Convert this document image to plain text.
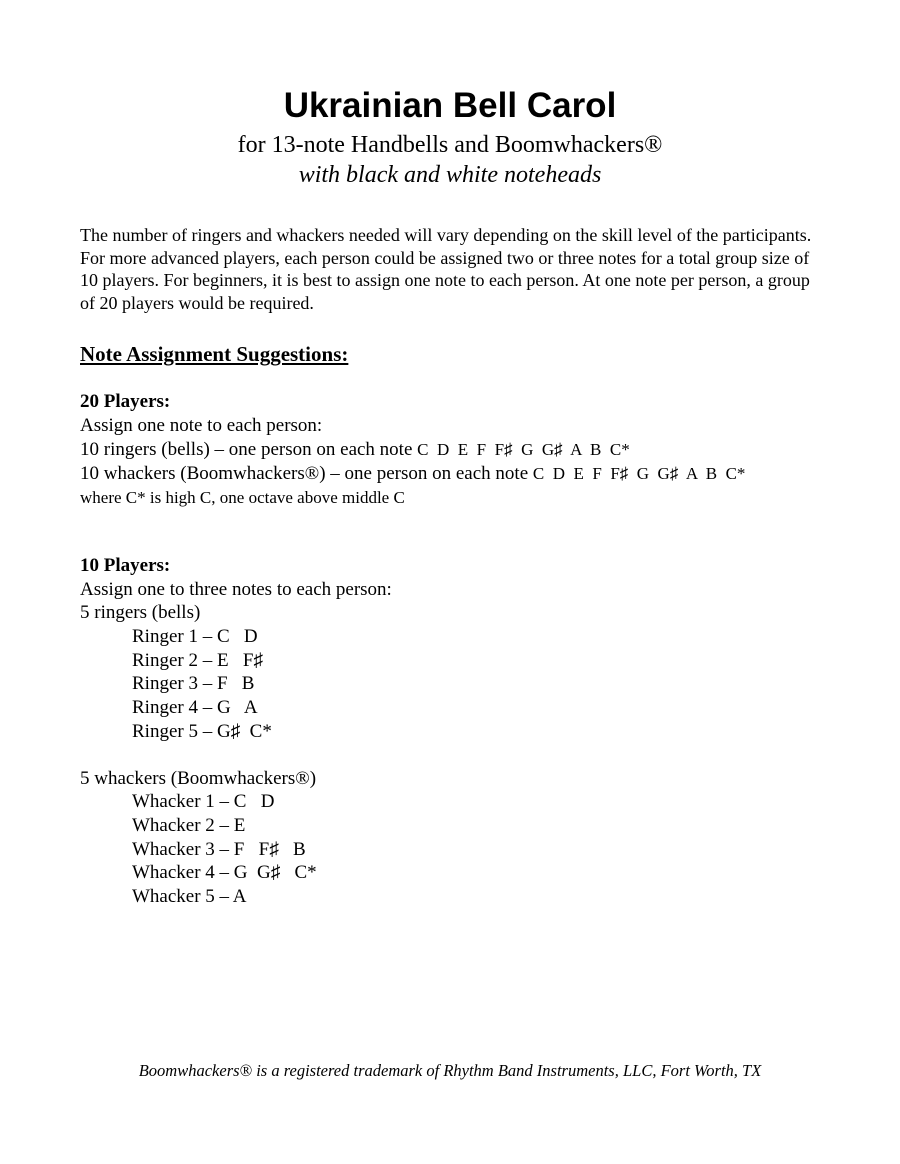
Ukrainian Bell Carol
for 13-note Handbells and Boomwhackers®
with black and white noteheads

The number of ringers and whackers needed will vary depending on the skill level of the participants. For more advanced players, each person could be assigned two or three notes for a total group size of 10 players. For beginners, it is best to assign one note to each person. At one note per person, a group of 20 players would be required.

Note Assignment Suggestions:
20 Players:
Assign one note to each person:
10 ringers (bells) – one person on each note C  D  E  F  F♯  G  G♯  A  B  C*
10 whackers (Boomwhackers®) – one person on each note C  D  E  F  F♯  G  G♯  A  B  C*
where C* is high C, one octave above middle C
10 Players:
Assign one to three notes to each person:
5 ringers (bells)
Ringer 1 – C   D
Ringer 2 – E   F♯
Ringer 3 – F   B
Ringer 4 – G   A
Ringer 5 – G♯  C*
5 whackers (Boomwhackers®)
Whacker 1 – C   D
Whacker 2 – E
Whacker 3 – F   F♯   B
Whacker 4 – G  G♯   C*
Whacker 5 – A
Boomwhackers® is a registered trademark of Rhythm Band Instruments, LLC, Fort Worth, TX
